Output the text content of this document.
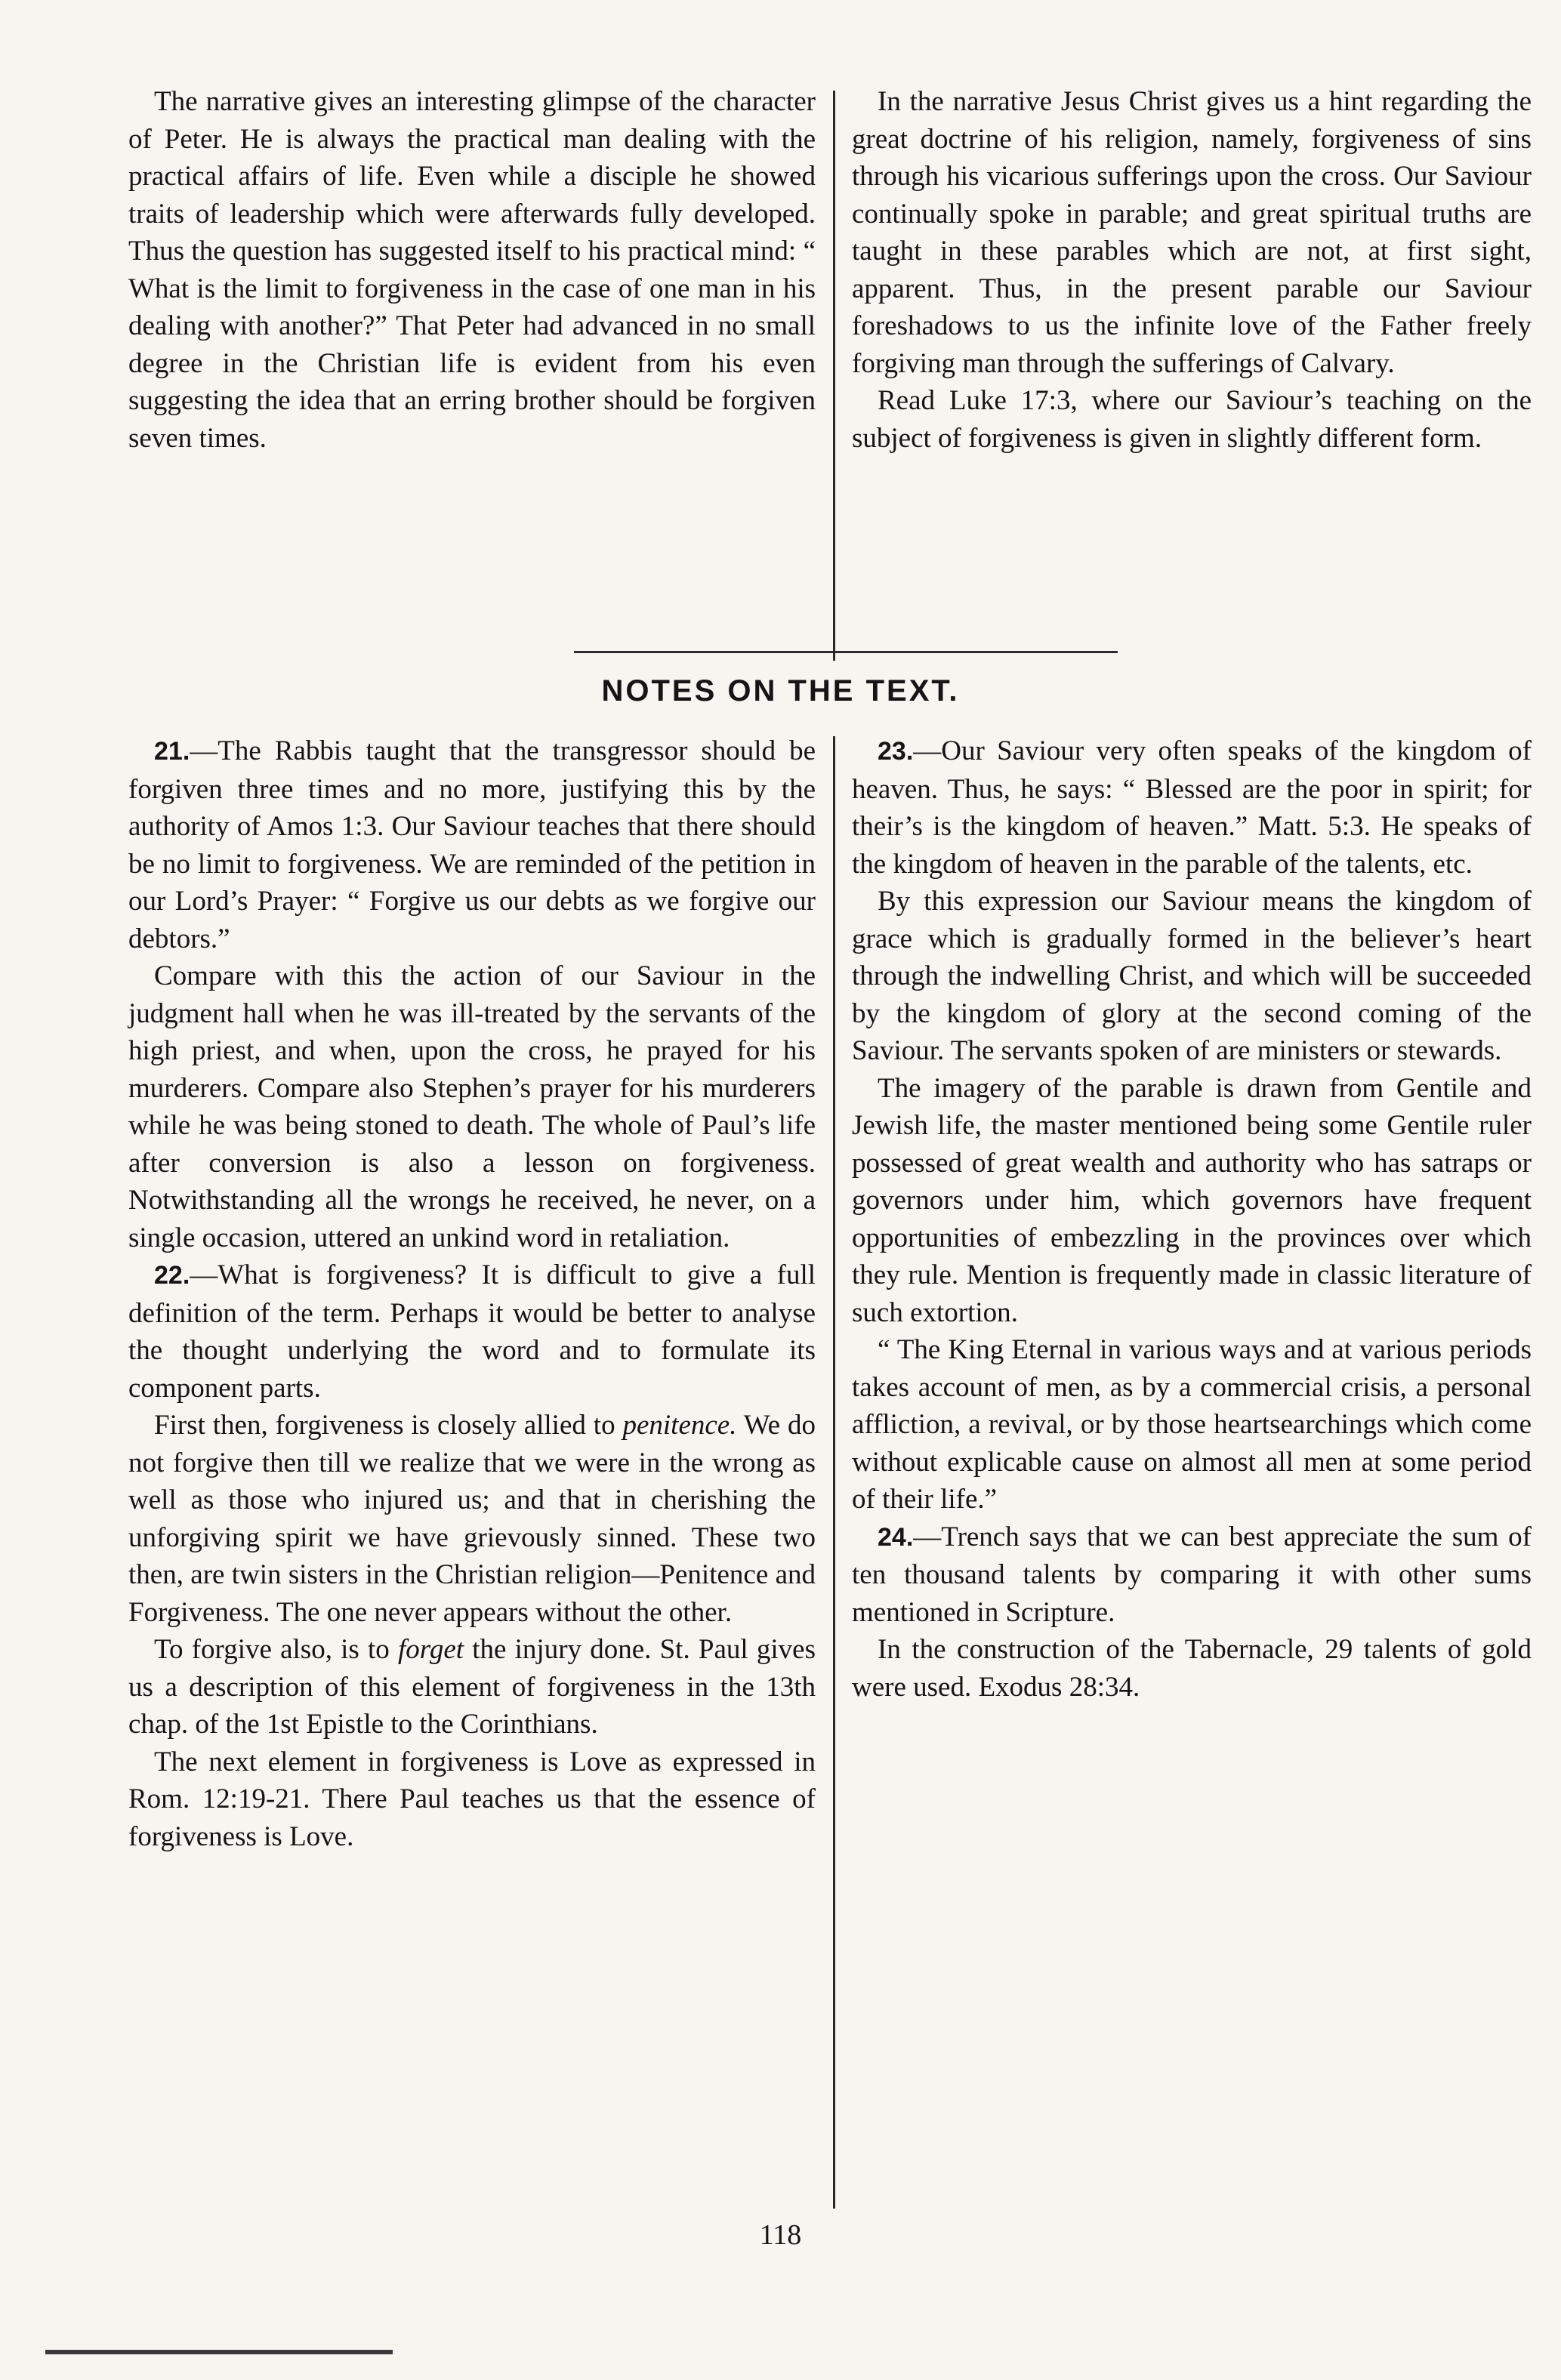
The narrative gives an interesting glimpse of the character of Peter. He is always the practical man dealing with the practical affairs of life. Even while a disciple he showed traits of leadership which were afterwards fully developed. Thus the question has suggested itself to his practical mind: “ What is the limit to forgiveness in the case of one man in his dealing with another?” That Peter had advanced in no small degree in the Christian life is evident from his even suggesting the idea that an erring brother should be forgiven seven times.

In the narrative Jesus Christ gives us a hint regarding the great doctrine of his religion, namely, forgiveness of sins through his vicarious sufferings upon the cross. Our Saviour continually spoke in parable; and great spiritual truths are taught in these parables which are not, at first sight, apparent. Thus, in the present parable our Saviour foreshadows to us the infinite love of the Father freely forgiving man through the sufferings of Calvary.

Read Luke 17:3, where our Saviour’s teaching on the subject of forgiveness is given in slightly different form.

NOTES ON THE TEXT.

21.—The Rabbis taught that the transgressor should be forgiven three times and no more, justifying this by the authority of Amos 1:3. Our Saviour teaches that there should be no limit to forgiveness. We are reminded of the petition in our Lord’s Prayer: “ Forgive us our debts as we forgive our debtors.”

Compare with this the action of our Saviour in the judgment hall when he was ill-treated by the servants of the high priest, and when, upon the cross, he prayed for his murderers. Compare also Stephen’s prayer for his murderers while he was being stoned to death. The whole of Paul’s life after conversion is also a lesson on forgiveness. Notwithstanding all the wrongs he received, he never, on a single occasion, uttered an unkind word in retaliation.

22.—What is forgiveness? It is difficult to give a full definition of the term. Perhaps it would be better to analyse the thought underlying the word and to formulate its component parts.

First then, forgiveness is closely allied to penitence. We do not forgive then till we realize that we were in the wrong as well as those who injured us; and that in cherishing the unforgiving spirit we have grievously sinned. These two then, are twin sisters in the Christian religion—Penitence and Forgiveness. The one never appears without the other.

To forgive also, is to forget the injury done. St. Paul gives us a description of this element of forgiveness in the 13th chap. of the 1st Epistle to the Corinthians.

The next element in forgiveness is Love as expressed in Rom. 12:19-21. There Paul teaches us that the essence of forgiveness is Love.

23.—Our Saviour very often speaks of the kingdom of heaven. Thus, he says: “ Blessed are the poor in spirit; for their’s is the kingdom of heaven.” Matt. 5:3. He speaks of the kingdom of heaven in the parable of the talents, etc.

By this expression our Saviour means the kingdom of grace which is gradually formed in the believer’s heart through the indwelling Christ, and which will be succeeded by the kingdom of glory at the second coming of the Saviour. The servants spoken of are ministers or stewards.

The imagery of the parable is drawn from Gentile and Jewish life, the master mentioned being some Gentile ruler possessed of great wealth and authority who has satraps or governors under him, which governors have frequent opportunities of embezzling in the provinces over which they rule. Mention is frequently made in classic literature of such extortion.

“ The King Eternal in various ways and at various periods takes account of men, as by a commercial crisis, a personal affliction, a revival, or by those heartsearchings which come without explicable cause on almost all men at some period of their life.”

24.—Trench says that we can best appreciate the sum of ten thousand talents by comparing it with other sums mentioned in Scripture.

In the construction of the Tabernacle, 29 talents of gold were used. Exodus 28:34.

118
